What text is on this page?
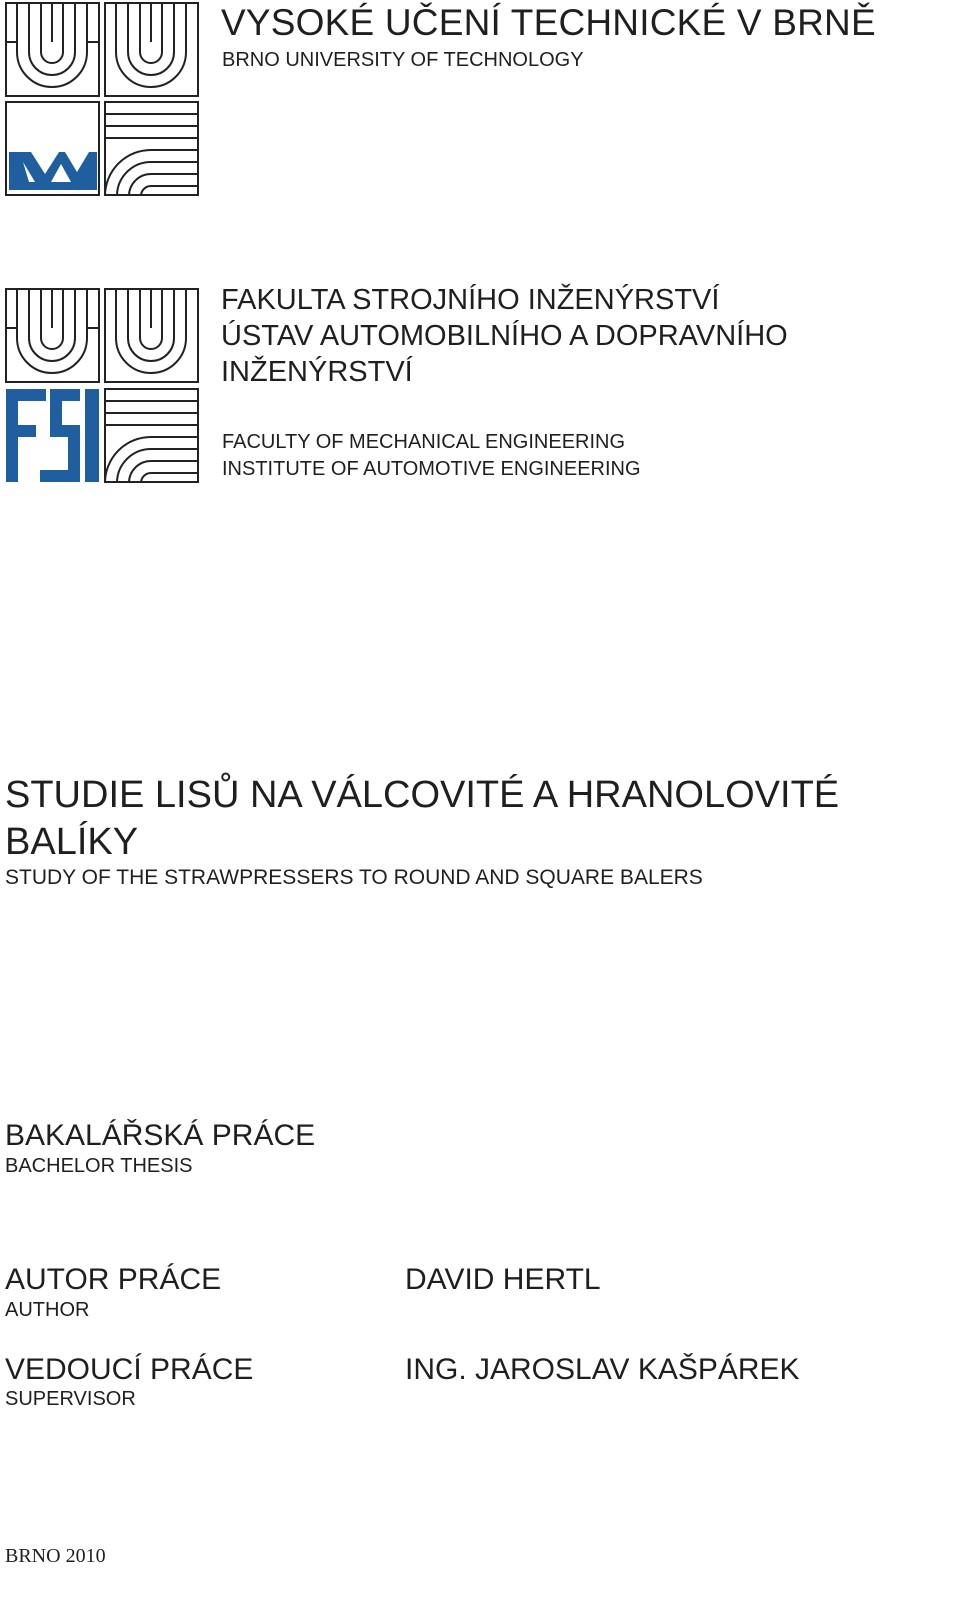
VYSOKÉ UČENÍ TECHNICKÉ V BRNĚ

BRNO UNIVERSITY OF TECHNOLOGY

FAKULTA STROJNÍHO INŽENÝRSTVÍ

ÚSTAV AUTOMOBILNÍHO A DOPRAVNÍHO

INŽENÝRSTVÍ

FACULTY OF MECHANICAL ENGINEERING

INSTITUTE OF AUTOMOTIVE ENGINEERING

STUDIE LISŮ NA VÁLCOVITÉ A HRANOLOVITÉ

BALÍKY

STUDY OF THE STRAWPRESSERS TO ROUND AND SQUARE BALERS

BAKALÁŘSKÁ PRÁCE

BACHELOR THESIS

AUTOR PRÁCE

AUTHOR

DAVID HERTL

VEDOUCÍ PRÁCE

SUPERVISOR

ING. JAROSLAV KAŠPÁREK

BRNO 2010
